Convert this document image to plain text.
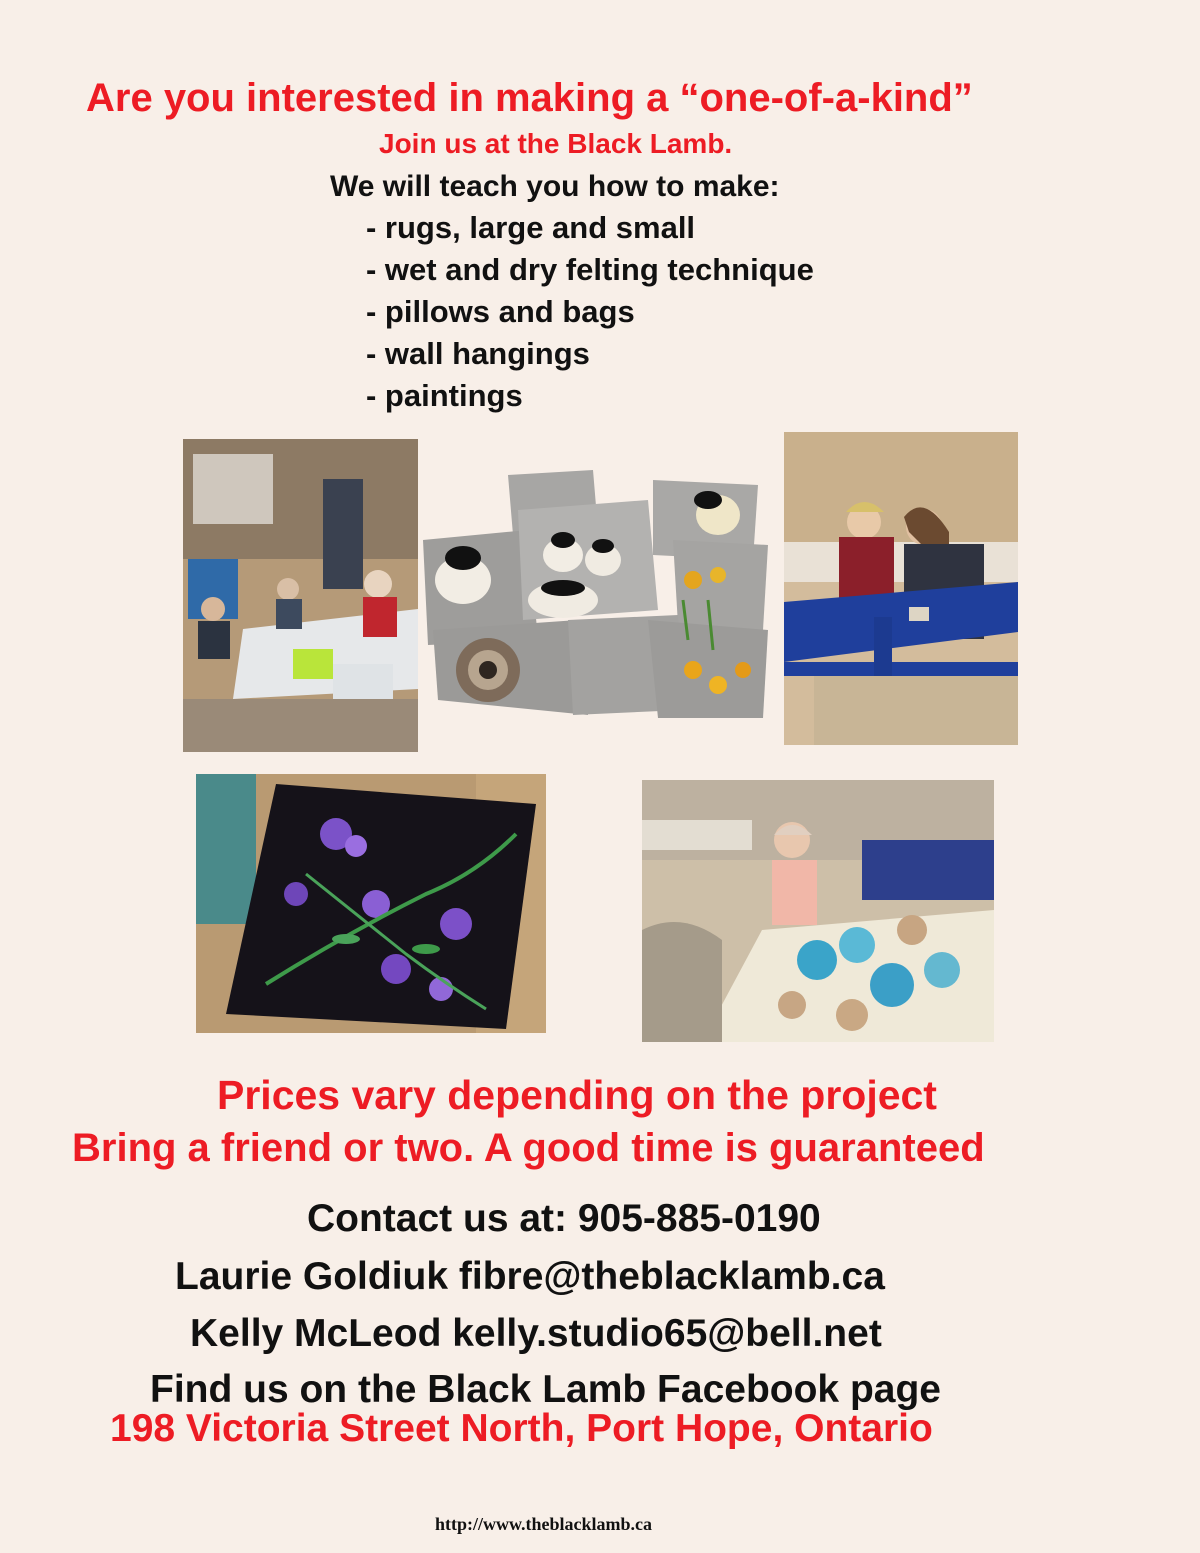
Are you interested in making a “one-of-a-kind”
Join us at the Black Lamb.
We will teach you how to make:
- rugs, large and small
- wet and dry felting technique
- pillows and bags
- wall hangings
- paintings
Prices vary depending on the project
Bring a friend or two. A good time is guaranteed
Contact us at: 905-885-0190
Laurie Goldiuk fibre@theblacklamb.ca
Kelly McLeod kelly.studio65@bell.net
Find us on the Black Lamb Facebook page
198 Victoria Street North, Port Hope, Ontario
http://www.theblacklamb.ca
